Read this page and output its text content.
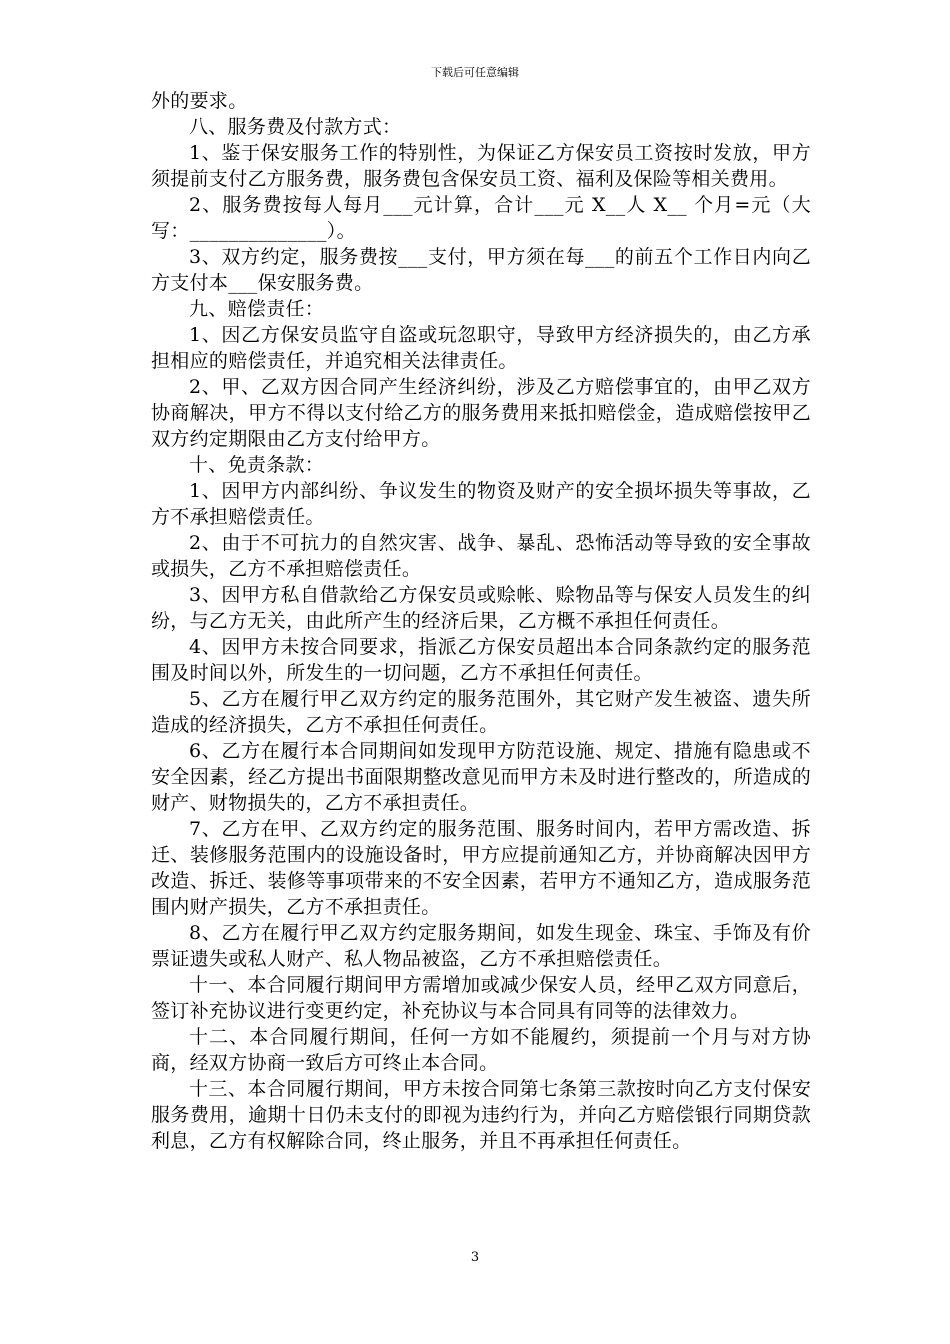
下载后可任意编辑

外的要求。

八、服务费及付款方式：

1、鉴于保安服务工作的特别性，为保证乙方保安员工资按时发放，甲方须提前支付乙方服务费，服务费包含保安员工资、福利及保险等相关费用。

2、服务费按每人每月___元计算，合计___元 X__人 X__ 个月=元（大写：______________）。

3、双方约定，服务费按___支付，甲方须在每___的前五个工作日内向乙方支付本___保安服务费。

九、赔偿责任：

1、因乙方保安员监守自盗或玩忽职守，导致甲方经济损失的，由乙方承担相应的赔偿责任，并追究相关法律责任。

2、甲、乙双方因合同产生经济纠纷，涉及乙方赔偿事宜的，由甲乙双方协商解决，甲方不得以支付给乙方的服务费用来抵扣赔偿金，造成赔偿按甲乙双方约定期限由乙方支付给甲方。

十、免责条款：

1、因甲方内部纠纷、争议发生的物资及财产的安全损坏损失等事故，乙方不承担赔偿责任。

2、由于不可抗力的自然灾害、战争、暴乱、恐怖活动等导致的安全事故或损失，乙方不承担赔偿责任。

3、因甲方私自借款给乙方保安员或赊帐、赊物品等与保安人员发生的纠纷，与乙方无关，由此所产生的经济后果，乙方概不承担任何责任。

4、因甲方未按合同要求，指派乙方保安员超出本合同条款约定的服务范围及时间以外，所发生的一切问题，乙方不承担任何责任。

5、乙方在履行甲乙双方约定的服务范围外，其它财产发生被盗、遗失所造成的经济损失，乙方不承担任何责任。

6、乙方在履行本合同期间如发现甲方防范设施、规定、措施有隐患或不安全因素，经乙方提出书面限期整改意见而甲方未及时进行整改的，所造成的财产、财物损失的，乙方不承担责任。

7、乙方在甲、乙双方约定的服务范围、服务时间内，若甲方需改造、拆迁、装修服务范围内的设施设备时，甲方应提前通知乙方，并协商解决因甲方改造、拆迁、装修等事项带来的不安全因素，若甲方不通知乙方，造成服务范围内财产损失，乙方不承担责任。

8、乙方在履行甲乙双方约定服务期间，如发生现金、珠宝、手饰及有价票证遗失或私人财产、私人物品被盗，乙方不承担赔偿责任。

十一、本合同履行期间甲方需增加或减少保安人员，经甲乙双方同意后，签订补充协议进行变更约定，补充协议与本合同具有同等的法律效力。

十二、本合同履行期间，任何一方如不能履约，须提前一个月与对方协商，经双方协商一致后方可终止本合同。

十三、本合同履行期间，甲方未按合同第七条第三款按时向乙方支付保安服务费用，逾期十日仍未支付的即视为违约行为，并向乙方赔偿银行同期贷款利息，乙方有权解除合同，终止服务，并且不再承担任何责任。

3
